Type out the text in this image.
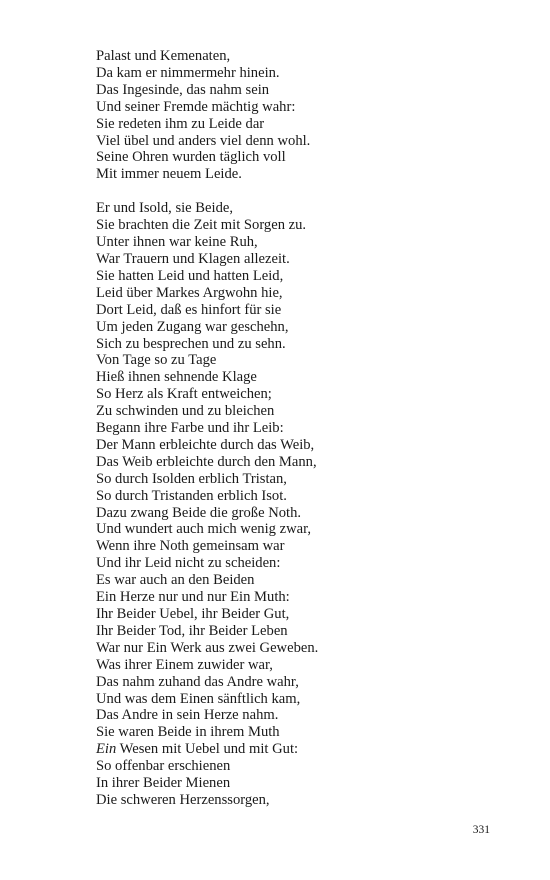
Palast und Kemenaten,
Da kam er nimmermehr hinein.
Das Ingesinde, das nahm sein
Und seiner Fremde mächtig wahr:
Sie redeten ihm zu Leide dar
Viel übel und anders viel denn wohl.
Seine Ohren wurden täglich voll
Mit immer neuem Leide.
Er und Isold, sie Beide,
Sie brachten die Zeit mit Sorgen zu.
Unter ihnen war keine Ruh,
War Trauern und Klagen allezeit.
Sie hatten Leid und hatten Leid,
Leid über Markes Argwohn hie,
Dort Leid, daß es hinfort für sie
Um jeden Zugang war geschehn,
Sich zu besprechen und zu sehn.
Von Tage so zu Tage
Hieß ihnen sehnende Klage
So Herz als Kraft entweichen;
Zu schwinden und zu bleichen
Begann ihre Farbe und ihr Leib:
Der Mann erbleichte durch das Weib,
Das Weib erbleichte durch den Mann,
So durch Isolden erblich Tristan,
So durch Tristanden erblich Isot.
Dazu zwang Beide die große Noth.
Und wundert auch mich wenig zwar,
Wenn ihre Noth gemeinsam war
Und ihr Leid nicht zu scheiden:
Es war auch an den Beiden
Ein Herze nur und nur Ein Muth:
Ihr Beider Uebel, ihr Beider Gut,
Ihr Beider Tod, ihr Beider Leben
War nur Ein Werk aus zwei Geweben.
Was ihrer Einem zuwider war,
Das nahm zuhand das Andre wahr,
Und was dem Einen sänftlich kam,
Das Andre in sein Herze nahm.
Sie waren Beide in ihrem Muth
Ein Wesen mit Uebel und mit Gut:
So offenbar erschienen
In ihrer Beider Mienen
Die schweren Herzenssorgen,
331
